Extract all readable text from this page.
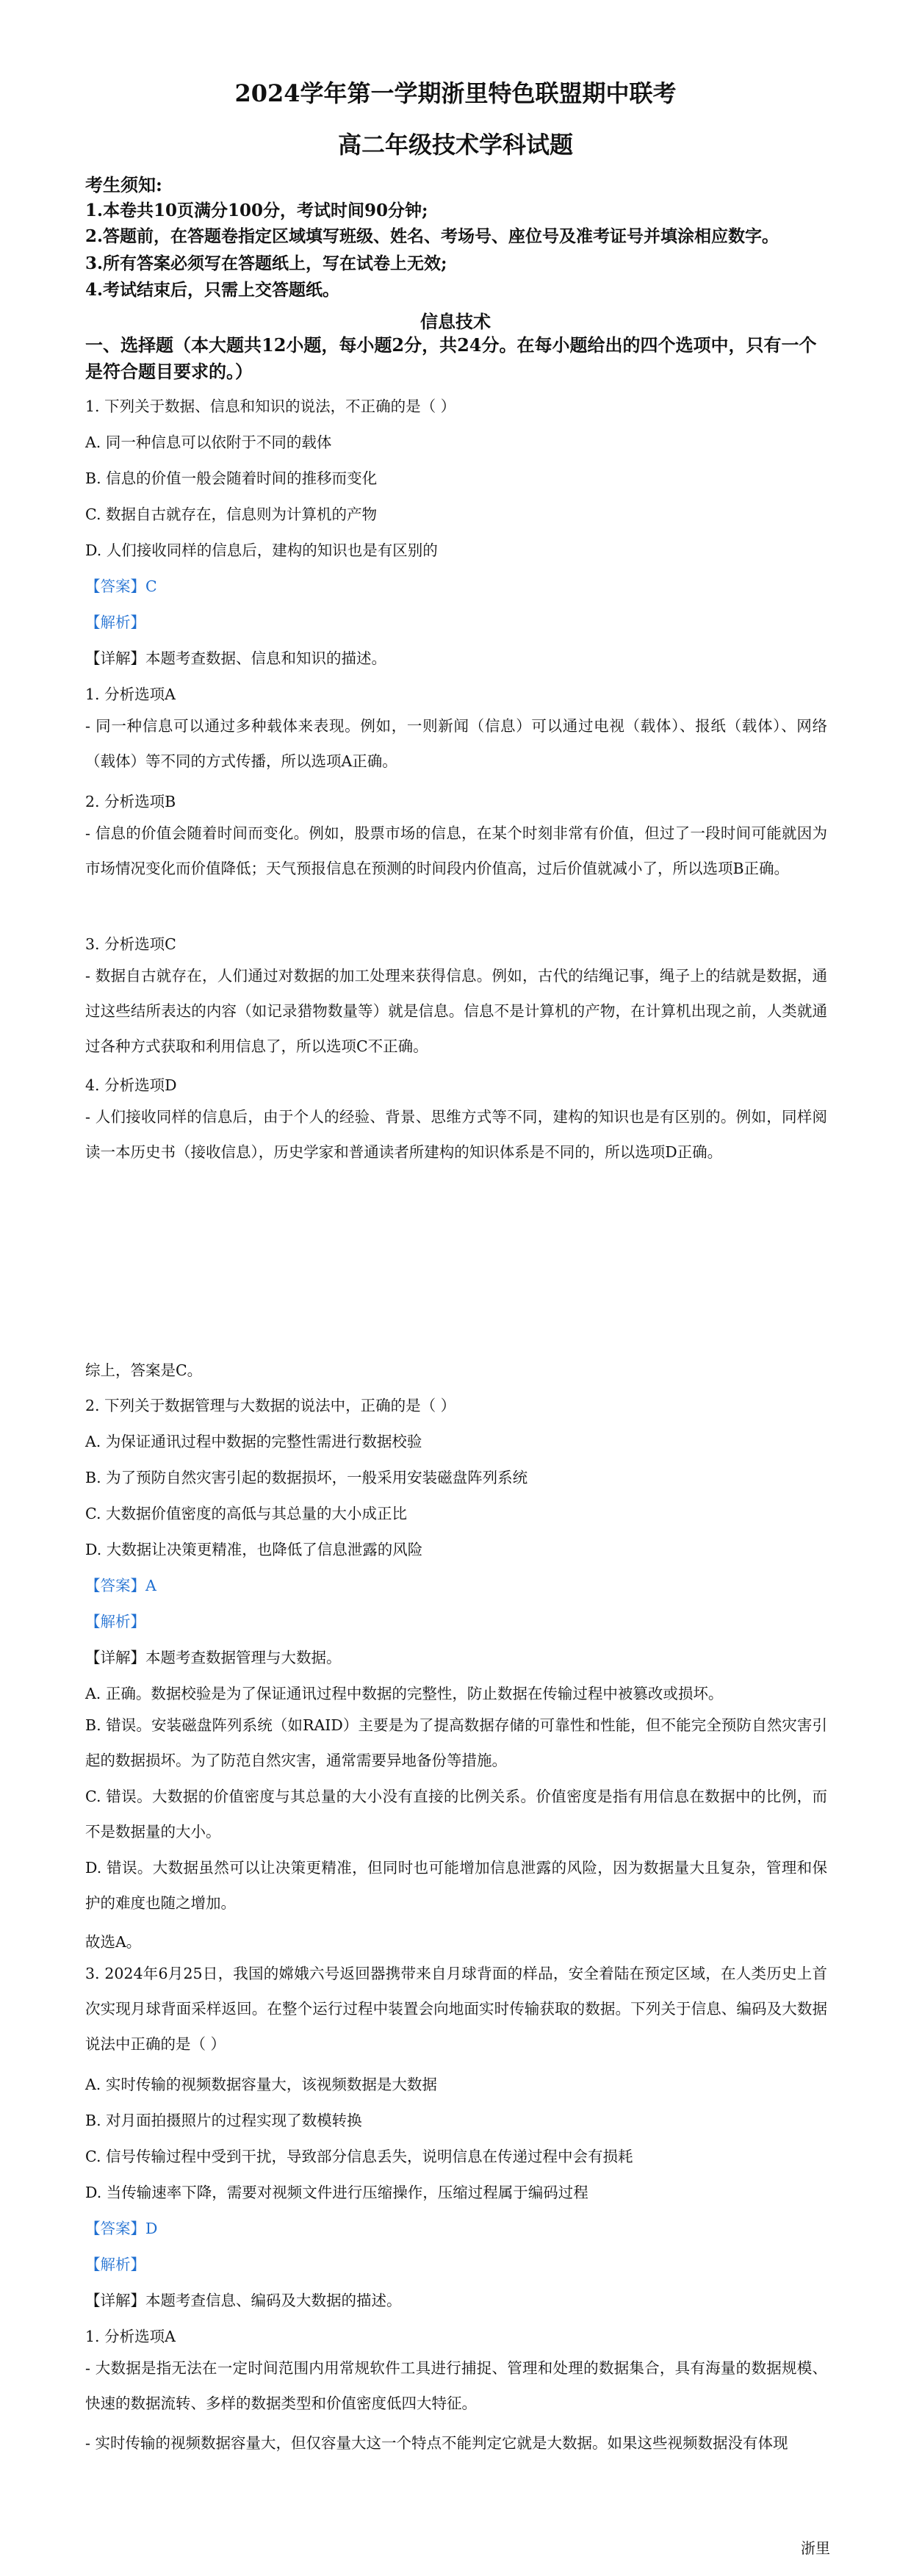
2024学年第一学期浙里特色联盟期中联考
高二年级技术学科试题
考生须知:
1.本卷共10页满分100分，考试时间90分钟;
2.答题前，在答题卷指定区域填写班级、姓名、考场号、座位号及准考证号并填涂相应数字。
3.所有答案必须写在答题纸上，写在试卷上无效;
4.考试结束后，只需上交答题纸。
信息技术
一、选择题（本大题共12小题，每小题2分，共24分。在每小题给出的四个选项中，只有一个是符合题目要求的。）
1. 下列关于数据、信息和知识的说法，不正确的是（ ）
A. 同一种信息可以依附于不同的载体
B. 信息的价值一般会随着时间的推移而变化
C. 数据自古就存在，信息则为计算机的产物
D. 人们接收同样的信息后，建构的知识也是有区别的
【答案】C
【解析】
【详解】本题考查数据、信息和知识的描述。
1. 分析选项A
- 同一种信息可以通过多种载体来表现。例如，一则新闻（信息）可以通过电视（载体）、报纸（载体）、网络（载体）等不同的方式传播，所以选项A正确。
2. 分析选项B
- 信息的价值会随着时间而变化。例如，股票市场的信息，在某个时刻非常有价值，但过了一段时间可能就因为市场情况变化而价值降低；天气预报信息在预测的时间段内价值高，过后价值就减小了，所以选项B正确。
3. 分析选项C
- 数据自古就存在，人们通过对数据的加工处理来获得信息。例如，古代的结绳记事，绳子上的结就是数据，通过这些结所表达的内容（如记录猎物数量等）就是信息。信息不是计算机的产物，在计算机出现之前，人类就通过各种方式获取和利用信息了，所以选项C不正确。
4. 分析选项D
- 人们接收同样的信息后，由于个人的经验、背景、思维方式等不同，建构的知识也是有区别的。例如，同样阅读一本历史书（接收信息），历史学家和普通读者所建构的知识体系是不同的，所以选项D正确。
综上，答案是C。
2. 下列关于数据管理与大数据的说法中，正确的是（ ）
A. 为保证通讯过程中数据的完整性需进行数据校验
B. 为了预防自然灾害引起的数据损坏，一般采用安装磁盘阵列系统
C. 大数据价值密度的高低与其总量的大小成正比
D. 大数据让决策更精准，也降低了信息泄露的风险
【答案】A
【解析】
【详解】本题考查数据管理与大数据。
A. 正确。数据校验是为了保证通讯过程中数据的完整性，防止数据在传输过程中被篡改或损坏。
B. 错误。安装磁盘阵列系统（如RAID）主要是为了提高数据存储的可靠性和性能，但不能完全预防自然灾害引起的数据损坏。为了防范自然灾害，通常需要异地备份等措施。
C. 错误。大数据的价值密度与其总量的大小没有直接的比例关系。价值密度是指有用信息在数据中的比例，而不是数据量的大小。
D. 错误。大数据虽然可以让决策更精准，但同时也可能增加信息泄露的风险，因为数据量大且复杂，管理和保护的难度也随之增加。
故选A。
3. 2024年6月25日，我国的嫦娥六号返回器携带来自月球背面的样品，安全着陆在预定区域，在人类历史上首次实现月球背面采样返回。在整个运行过程中装置会向地面实时传输获取的数据。下列关于信息、编码及大数据说法中正确的是（ ）
A. 实时传输的视频数据容量大，该视频数据是大数据
B. 对月面拍摄照片的过程实现了数模转换
C. 信号传输过程中受到干扰，导致部分信息丢失，说明信息在传递过程中会有损耗
D. 当传输速率下降，需要对视频文件进行压缩操作，压缩过程属于编码过程
【答案】D
【解析】
【详解】本题考查信息、编码及大数据的描述。
1. 分析选项A
- 大数据是指无法在一定时间范围内用常规软件工具进行捕捉、管理和处理的数据集合，具有海量的数据规模、快速的数据流转、多样的数据类型和价值密度低四大特征。
- 实时传输的视频数据容量大，但仅容量大这一个特点不能判定它就是大数据。如果这些视频数据没有体现
浙里
